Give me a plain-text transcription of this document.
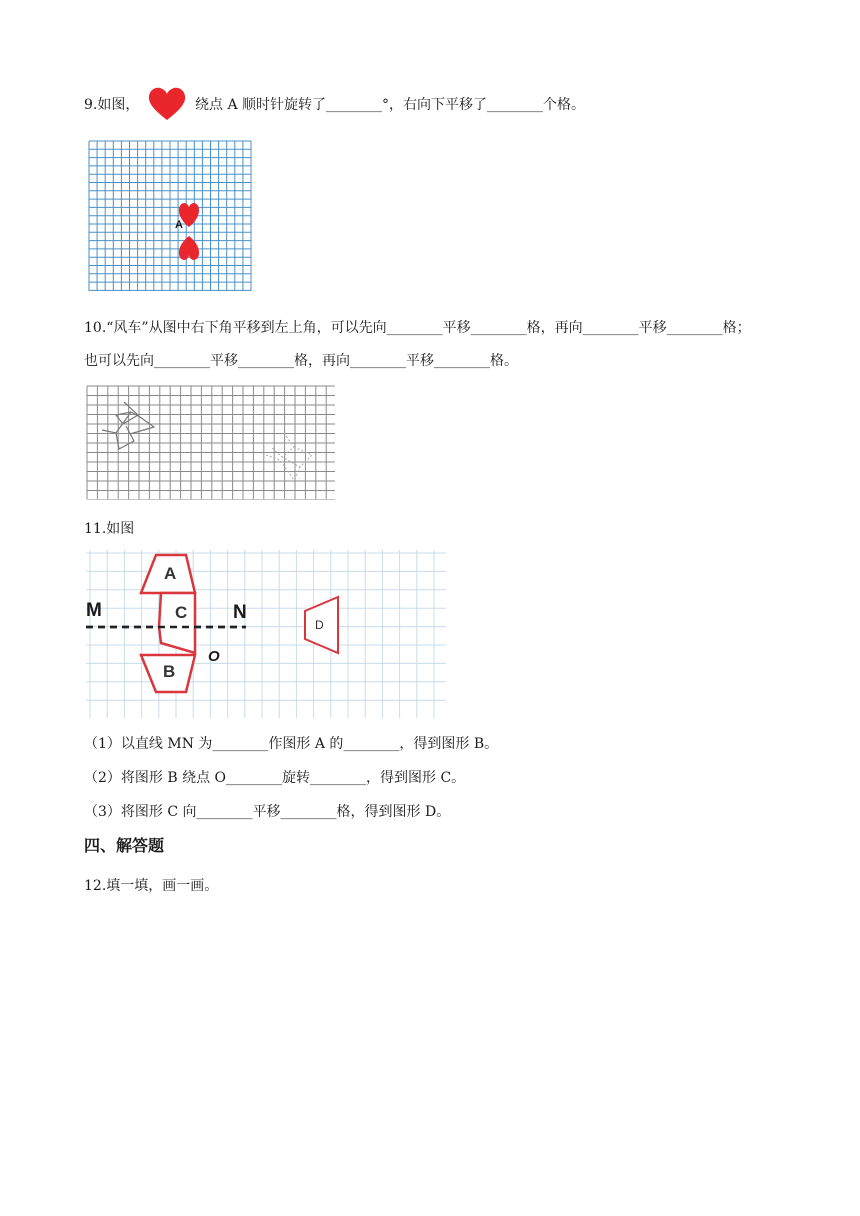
9.如图，	绕点 A 顺时针旋转了________°，右向下平移了________个格。
A
10.“风车”从图中右下角平移到左上角，可以先向________平移________格，再向________平移________格；
也可以先向________平移________格，再向________平移________格。
11.如图
M	N
A
C
B
D
O
（1）以直线 MN 为________作图形 A 的________，得到图形 B。
（2）将图形 B 绕点 O________旋转________，得到图形 C。
（3）将图形 C 向________平移________格，得到图形 D。
四、解答题
12.填一填，画一画。
